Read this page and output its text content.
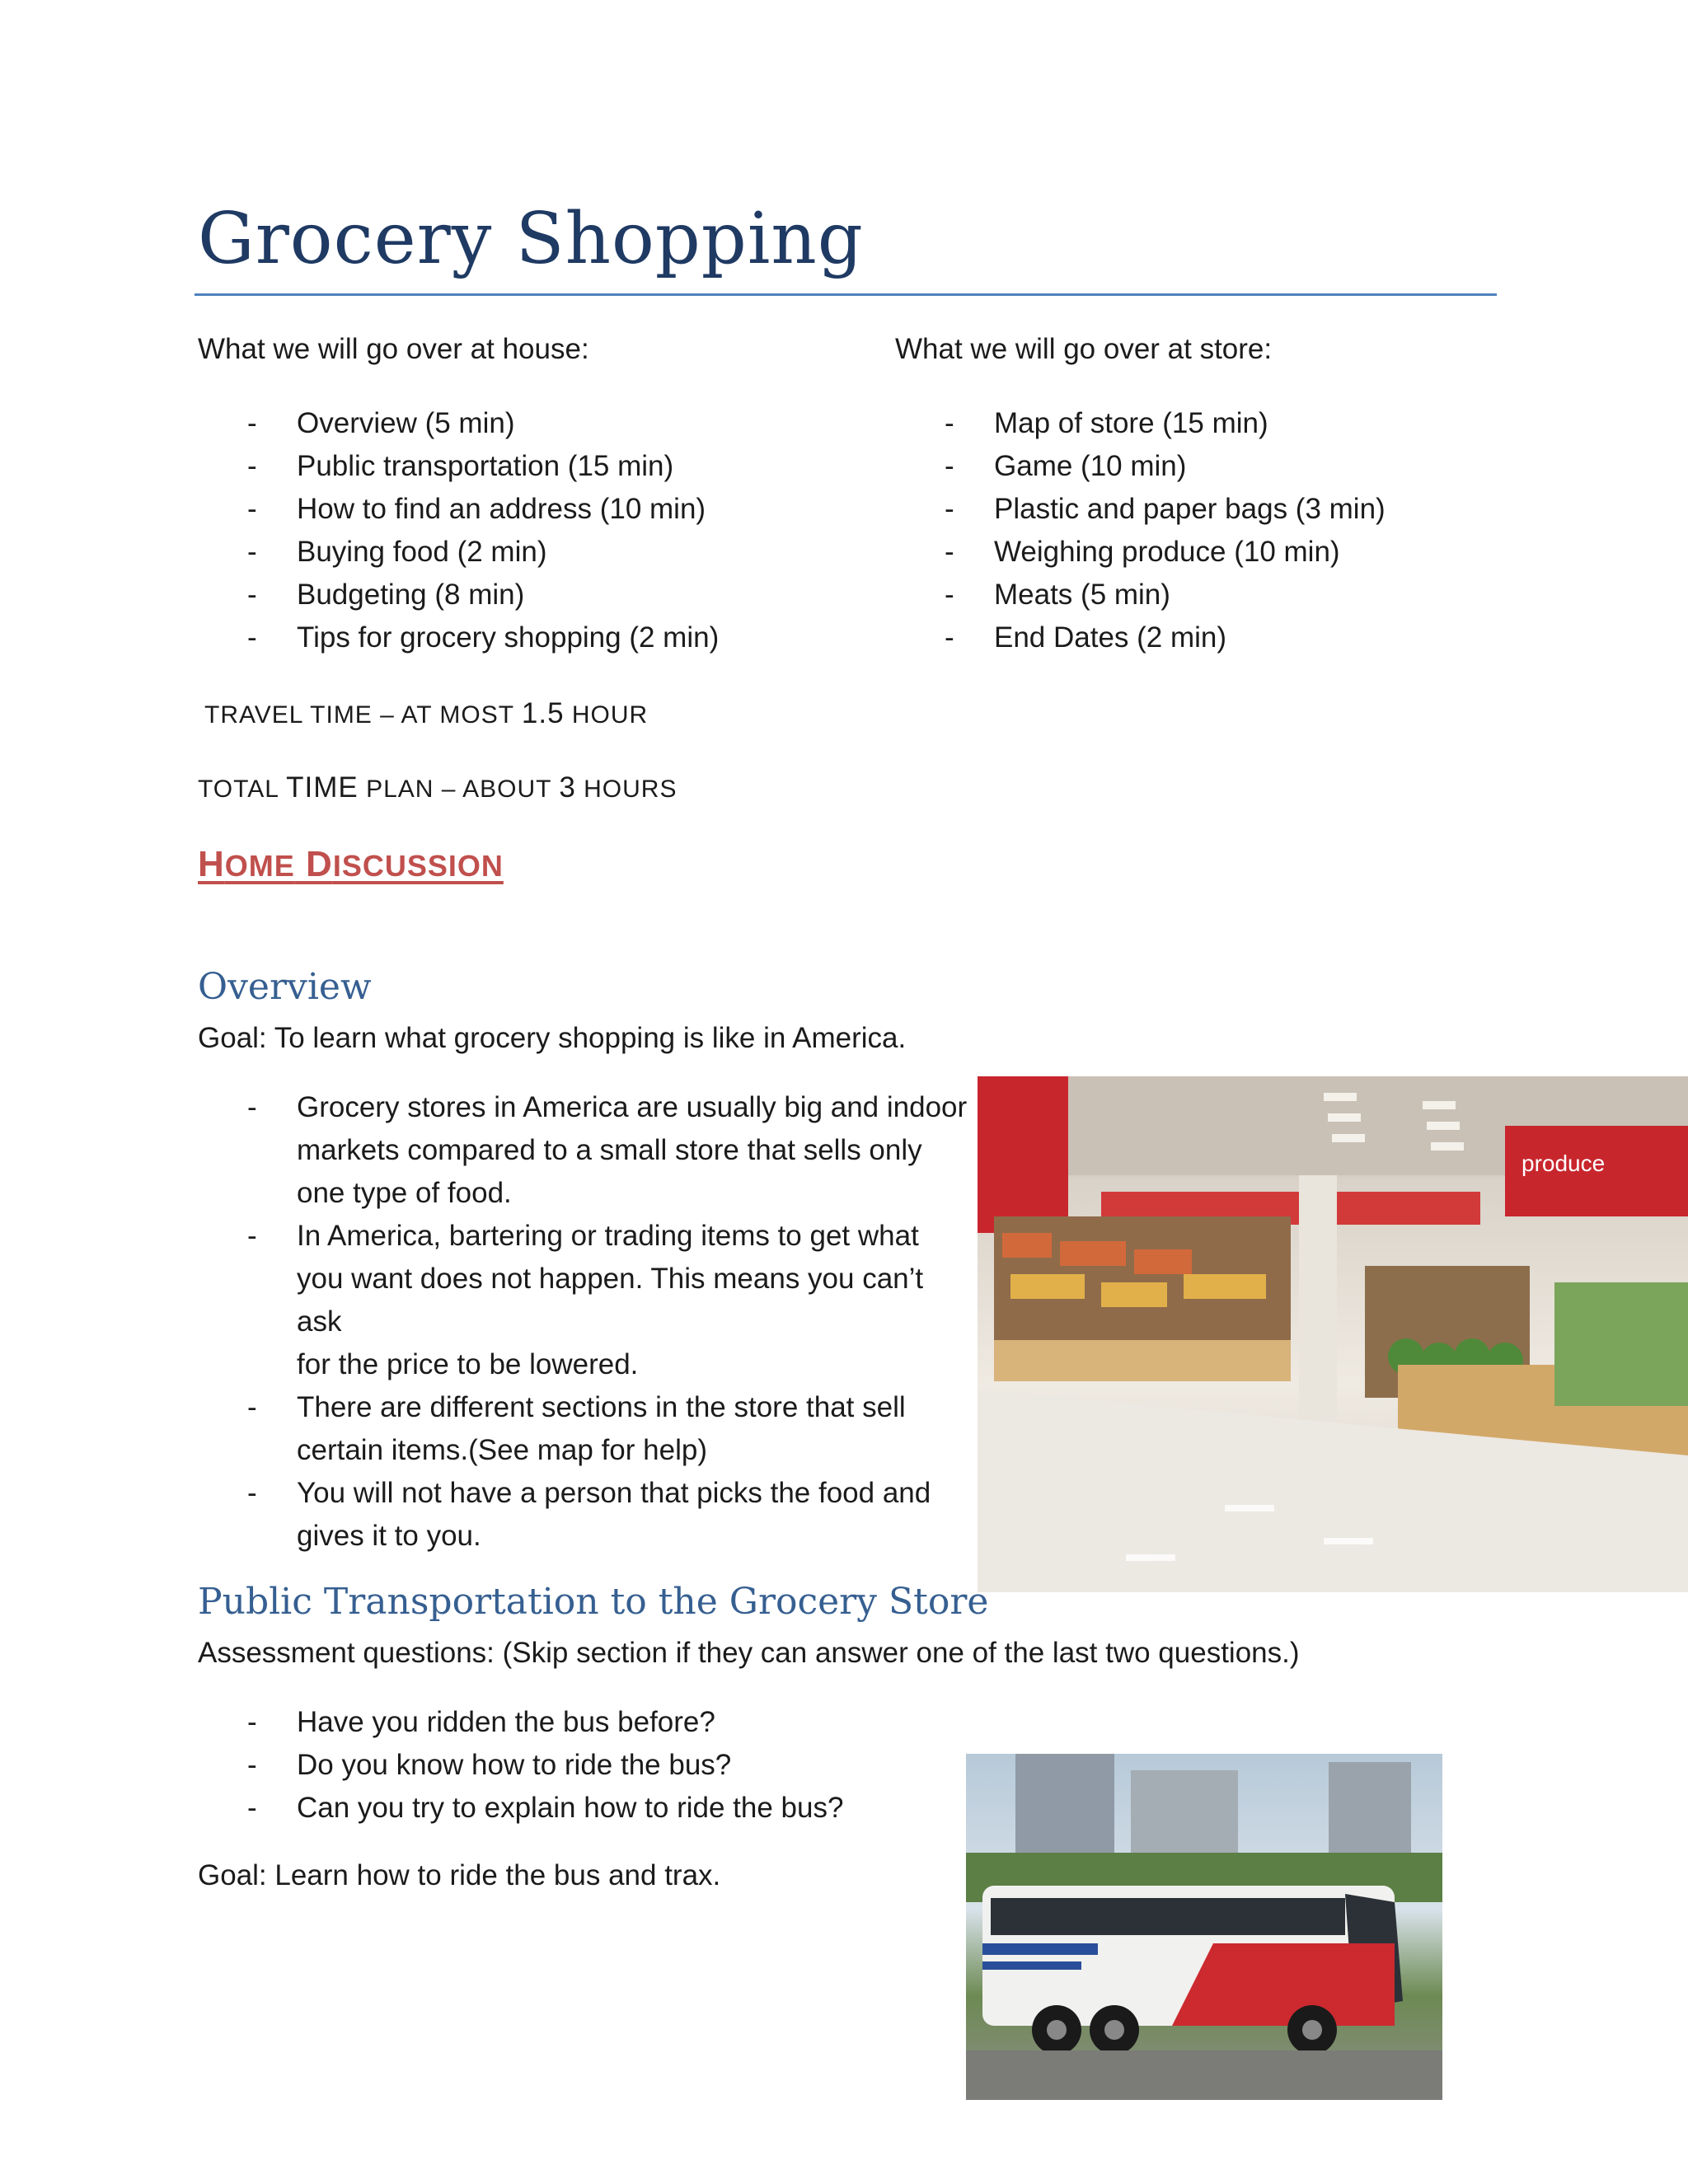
Grocery Shopping
What we will go over at house:
- Overview (5 min)
- Public transportation (15 min)
- How to find an address (10 min)
- Buying food (2 min)
- Budgeting (8 min)
- Tips for grocery shopping (2 min)
What we will go over at store:
- Map of store (15 min)
- Game (10 min)
- Plastic and paper bags (3 min)
- Weighing produce (10 min)
- Meats (5 min)
- End Dates (2 min)
TRAVEL TIME – AT MOST 1.5 HOUR
TOTAL TIME PLAN – ABOUT 3 HOURS
HOME DISCUSSION
Overview
Goal: To learn what grocery shopping is like in America.
- Grocery stores in America are usually big and indoor
markets compared to a small store that sells only
one type of food.
- In America, bartering or trading items to get what
you want does not happen. This means you can’t ask
for the price to be lowered.
- There are different sections in the store that sell
certain items.(See map for help)
- You will not have a person that picks the food and
gives it to you.
produce
Public Transportation to the Grocery Store
Assessment questions: (Skip section if they can answer one of the last two questions.)
- Have you ridden the bus before?
- Do you know how to ride the bus?
- Can you try to explain how to ride the bus?
Goal: Learn how to ride the bus and trax.
